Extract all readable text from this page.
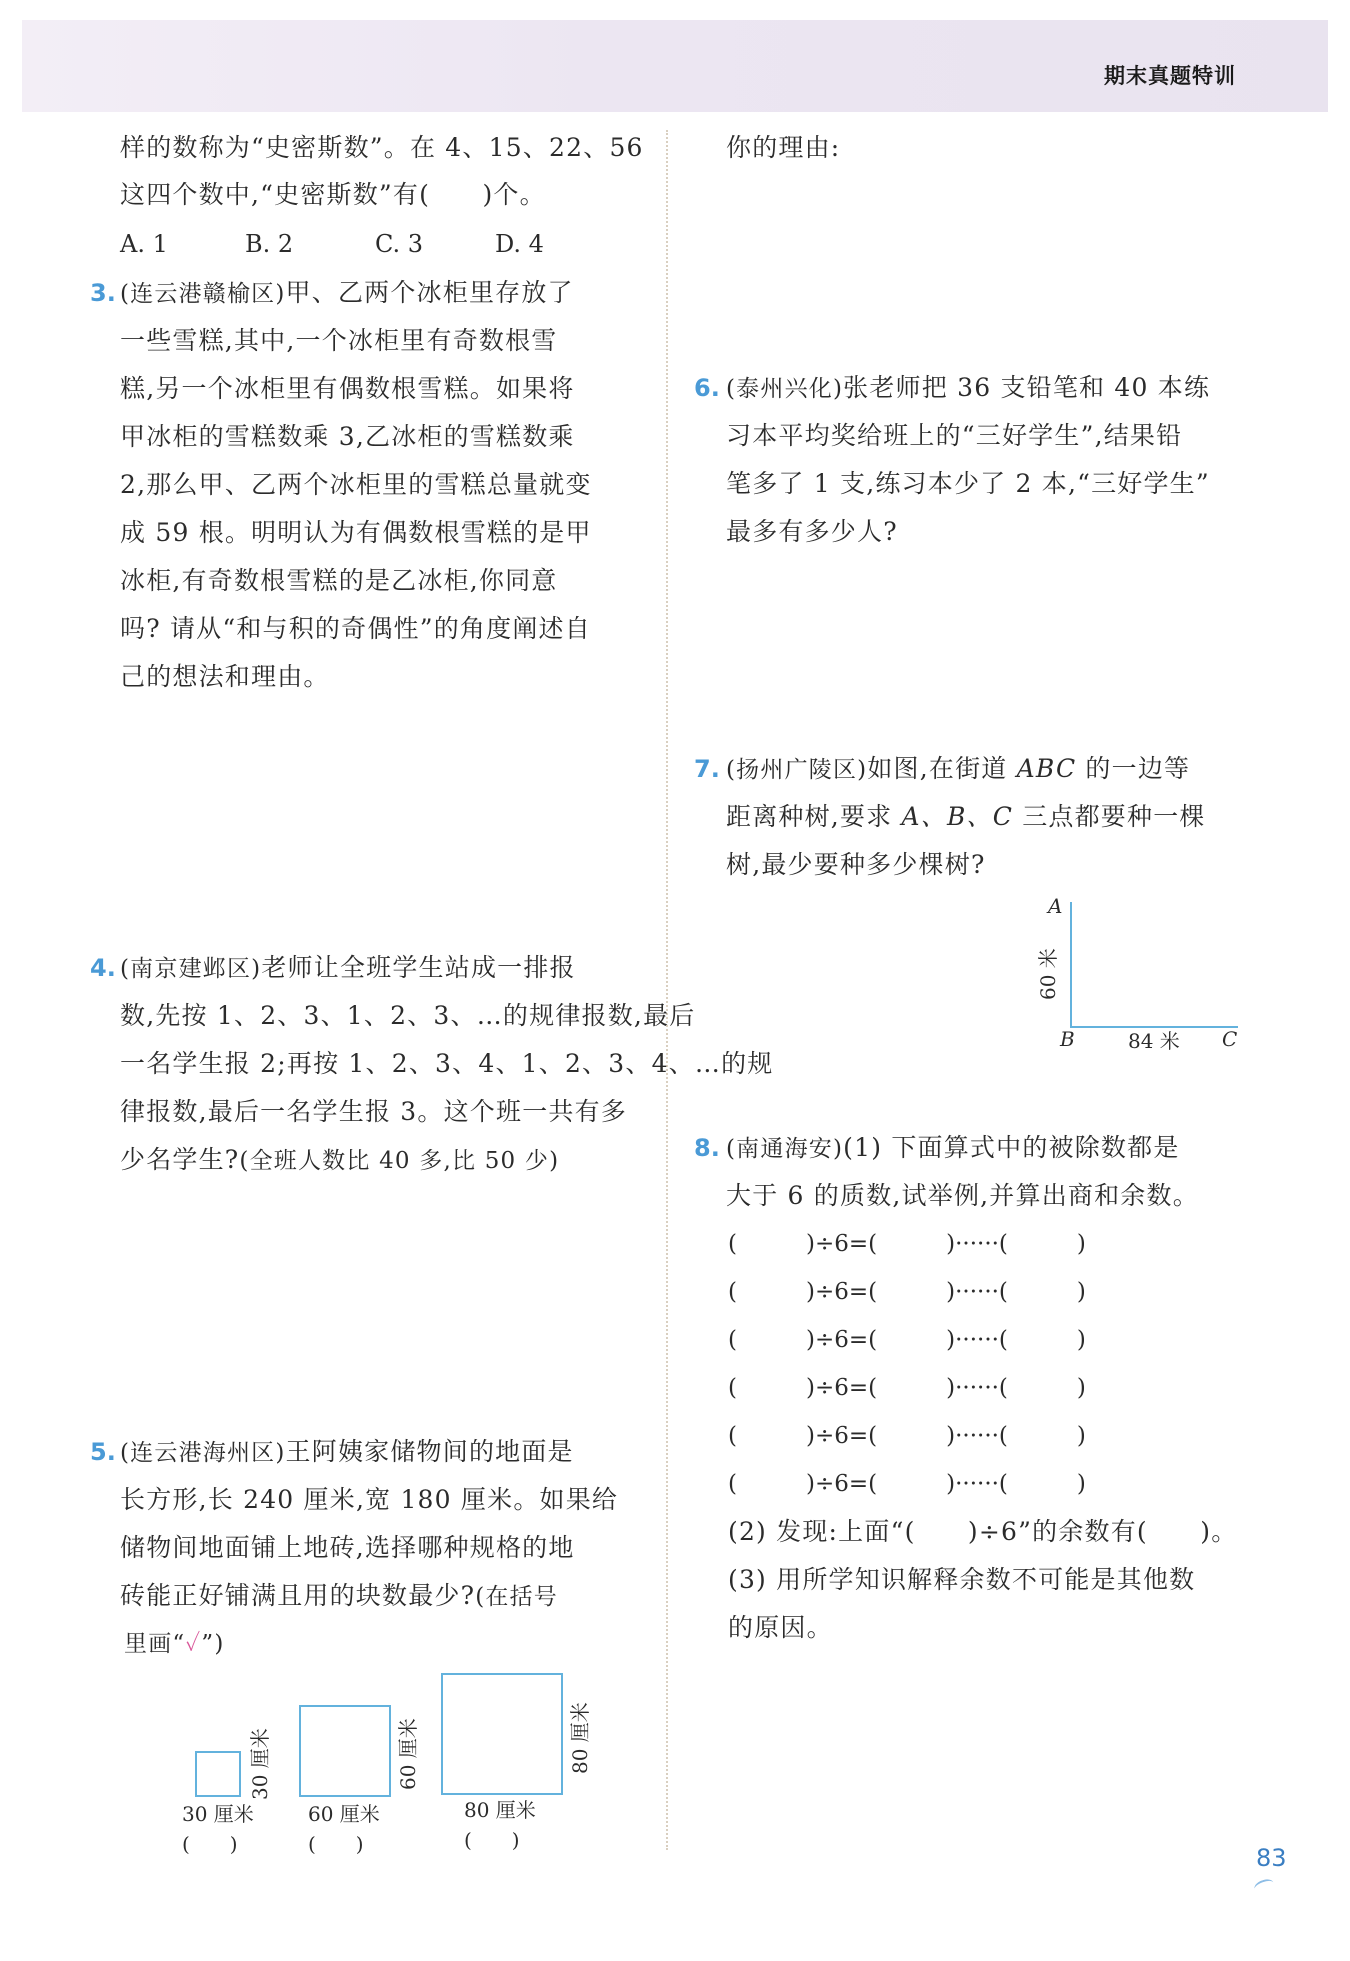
期末真题特训
样的数称为“史密斯数”。在 4、15、22、56
这四个数中,“史密斯数”有(　　)个。
A. 1	B. 2	C. 3	D. 4
3. (连云港赣榆区)甲、乙两个冰柜里存放了
一些雪糕,其中,一个冰柜里有奇数根雪
糕,另一个冰柜里有偶数根雪糕。如果将
甲冰柜的雪糕数乘 3,乙冰柜的雪糕数乘
2,那么甲、乙两个冰柜里的雪糕总量就变
成 59 根。明明认为有偶数根雪糕的是甲
冰柜,有奇数根雪糕的是乙冰柜,你同意
吗? 请从“和与积的奇偶性”的角度阐述自
己的想法和理由。
4. (南京建邺区)老师让全班学生站成一排报
数,先按 1、2、3、1、2、3、…的规律报数,最后
一名学生报 2;再按 1、2、3、4、1、2、3、4、…的规
律报数,最后一名学生报 3。这个班一共有多
少名学生?(全班人数比 40 多,比 50 少)
5. (连云港海州区)王阿姨家储物间的地面是
长方形,长 240 厘米,宽 180 厘米。如果给
储物间地面铺上地砖,选择哪种规格的地
砖能正好铺满且用的块数最少?(在括号
里画“✓”)
30 厘米
30 厘米
(　　)
60 厘米
60 厘米
(　　)
80 厘米
80 厘米
(　　)
你的理由:
6. (泰州兴化)张老师把 36 支铅笔和 40 本练
习本平均奖给班上的“三好学生”,结果铅
笔多了 1 支,练习本少了 2 本,“三好学生”
最多有多少人?
7. (扬州广陵区)如图,在街道 ABC 的一边等
距离种树,要求 A、B、C 三点都要种一棵
树,最少要种多少棵树?
A
B	C
60 米
84 米
8. (南通海安)(1) 下面算式中的被除数都是
大于 6 的质数,试举例,并算出商和余数。
(　　　)÷6=(　　　)······(　　　)
(　　　)÷6=(　　　)······(　　　)
(　　　)÷6=(　　　)······(　　　)
(　　　)÷6=(　　　)······(　　　)
(　　　)÷6=(　　　)······(　　　)
(　　　)÷6=(　　　)······(　　　)
(2) 发现:上面“(　　)÷6”的余数有(　　)。
(3) 用所学知识解释余数不可能是其他数
的原因。
83
